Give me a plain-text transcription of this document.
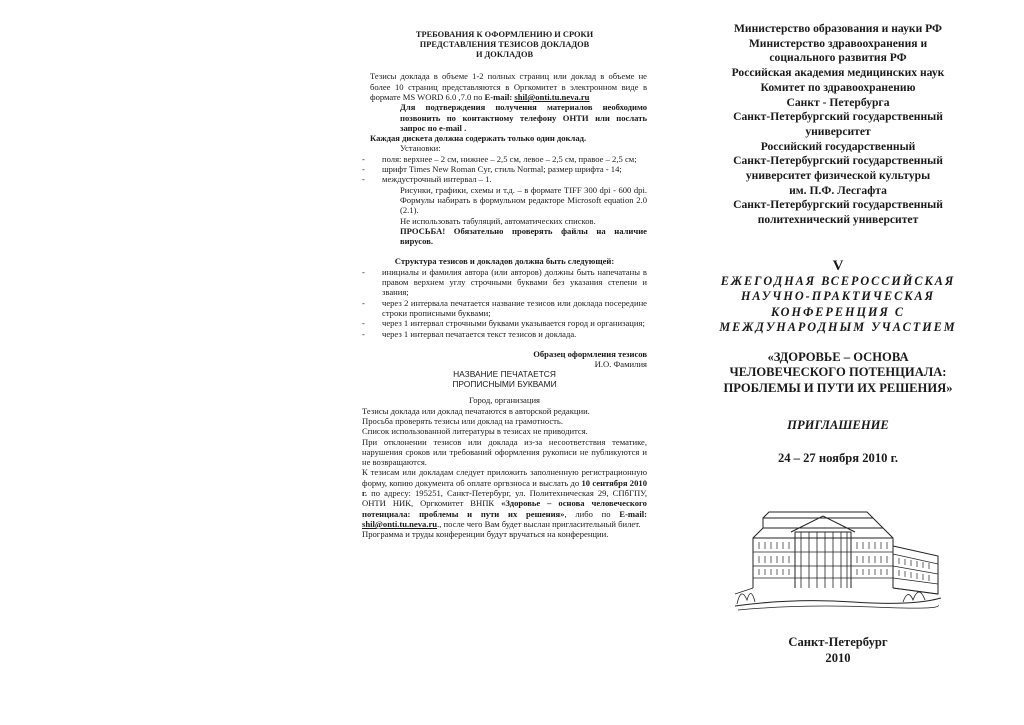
ТРЕБОВАНИЯ К ОФОРМЛЕНИЮ И СРОКИ
ПРЕДСТАВЛЕНИЯ ТЕЗИСОВ ДОКЛАДОВ
И ДОКЛАДОВ

Тезисы доклада в объеме 1-2 полных страниц или доклад в объеме не более 10 страниц представляются в Оргкомитет в электронном виде в формате MS WORD 6.0 ,7.0 по E-mail: shil@onti.tu.neva.ru

Для подтверждения получения материалов необходимо позвонить по контактному телефону ОНТИ или послать запрос по e-mail .

Каждая дискета должна содержать только один доклад.

Установки:

-	поля: верхнее – 2 см, нижнее – 2,5 см, левое – 2,5 см, правое – 2,5 см;
-	шрифт Times New Roman Cyr, стиль Normal; размер шрифта - 14;
-	междустрочный интервал – 1.

Рисунки, графики, схемы и т.д. – в формате TIFF 300 dpi - 600 dpi. Формулы набирать в формульном редакторе Microsoft equation 2.0 (2.1).

Не использовать табуляций, автоматических списков.

ПРОСЬБА! Обязательно проверять файлы на наличие вирусов.

Структура тезисов и докладов должна быть следующей:

-	инициалы и фамилия автора (или авторов) должны быть напечатаны в правом верхнем углу строчными буквами без указания степени и звания;
-	через 2 интервала печатается название тезисов или доклада посередине строки прописными буквами;
-	через 1 интервал строчными буквами указывается город и организация;
-	через 1 интервал печатается текст тезисов и доклада.

Образец оформления тезисов

И.О. Фамилия

НАЗВАНИЕ ПЕЧАТАЕТСЯ
ПРОПИСНЫМИ БУКВАМИ

Город, организация

Тезисы доклада или доклад печатаются в авторской редакции.

Просьба проверять тезисы или доклад на грамотность.

Список использованной литературы в тезисах не приводится.

При отклонении тезисов или доклада из-за несоответствия тематике, нарушения сроков или требований оформления рукописи не публикуются и не возвращаются.

К тезисам или докладам следует приложить заполненную регистрационную форму, копию документа об оплате оргвзноса и выслать до 10 сентября 2010 г. по адресу: 195251, Санкт-Петербург, ул. Политехническая 29, СПбГПУ, ОНТИ НИК, Оргкомитет ВНПК «Здоровье – основа человеческого потенциала: проблемы и пути их решения», либо по E-mail: shil@onti.tu.neva.ru., после чего Вам будет выслан пригласительный билет.

Программа и труды конференции будут вручаться на конференции.

Министерство образования и науки РФ
Министерство здравоохранения и
социального развития РФ
Российская академия медицинских наук
Комитет по здравоохранению
Санкт - Петербурга
Санкт-Петербургский государственный
университет
Российский государственный
Санкт-Петербургский государственный
университет физической культуры
им. П.Ф. Лесгафта
Санкт-Петербургский государственный
политехнический университет
V
ЕЖЕГОДНАЯ ВСЕРОССИЙСКАЯ
НАУЧНО-ПРАКТИЧЕСКАЯ
КОНФЕРЕНЦИЯ С
МЕЖДУНАРОДНЫМ УЧАСТИЕМ
«ЗДОРОВЬЕ – ОСНОВА
ЧЕЛОВЕЧЕСКОГО ПОТЕНЦИАЛА:
ПРОБЛЕМЫ И ПУТИ ИХ РЕШЕНИЯ»
ПРИГЛАШЕНИЕ
24 – 27 ноября 2010 г.
Санкт-Петербург
2010
